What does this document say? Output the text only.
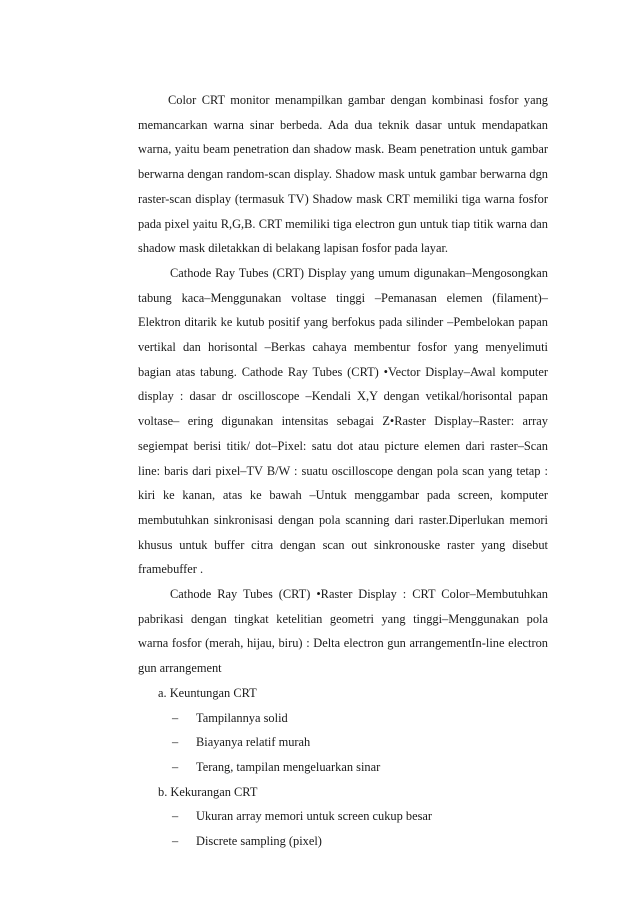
Color CRT monitor menampilkan gambar dengan kombinasi fosfor yang memancarkan warna sinar berbeda. Ada dua teknik dasar untuk mendapatkan warna, yaitu beam penetration dan shadow mask. Beam penetration untuk gambar berwarna dengan random-scan display. Shadow mask untuk gambar berwarna dgn raster-scan display (termasuk TV) Shadow mask CRT memiliki tiga warna fosfor pada pixel yaitu R,G,B. CRT memiliki tiga electron gun untuk tiap titik warna dan shadow mask diletakkan di belakang lapisan fosfor pada layar.

Cathode Ray Tubes (CRT) Display yang umum digunakan–Mengosongkan tabung kaca–Menggunakan voltase tinggi –Pemanasan elemen (filament)–Elektron ditarik ke kutub positif yang berfokus pada silinder –Pembelokan papan vertikal dan horisontal –Berkas cahaya membentur fosfor yang menyelimuti bagian atas tabung. Cathode Ray Tubes (CRT) •Vector Display–Awal komputer display : dasar dr oscilloscope –Kendali X,Y dengan vetikal/horisontal papan voltase– ering digunakan intensitas sebagai Z•Raster Display–Raster: array segiempat berisi titik/ dot–Pixel: satu dot atau picture elemen dari raster–Scan line: baris dari pixel–TV B/W : suatu oscilloscope dengan pola scan yang tetap : kiri ke kanan, atas ke bawah –Untuk menggambar pada screen, komputer membutuhkan sinkronisasi dengan pola scanning dari raster.Diperlukan memori khusus untuk buffer citra dengan scan out sinkronouske raster yang disebut framebuffer .

Cathode Ray Tubes (CRT) •Raster Display : CRT Color–Membutuhkan pabrikasi dengan tingkat ketelitian geometri yang tinggi–Menggunakan pola warna fosfor (merah, hijau, biru) : Delta electron gun arrangementIn-line electron gun arrangement

a. Keuntungan CRT

– Tampilannya solid
– Biayanya relatif murah
– Terang, tampilan mengeluarkan sinar

b. Kekurangan CRT

– Ukuran array memori untuk screen cukup besar
– Discrete sampling (pixel)
